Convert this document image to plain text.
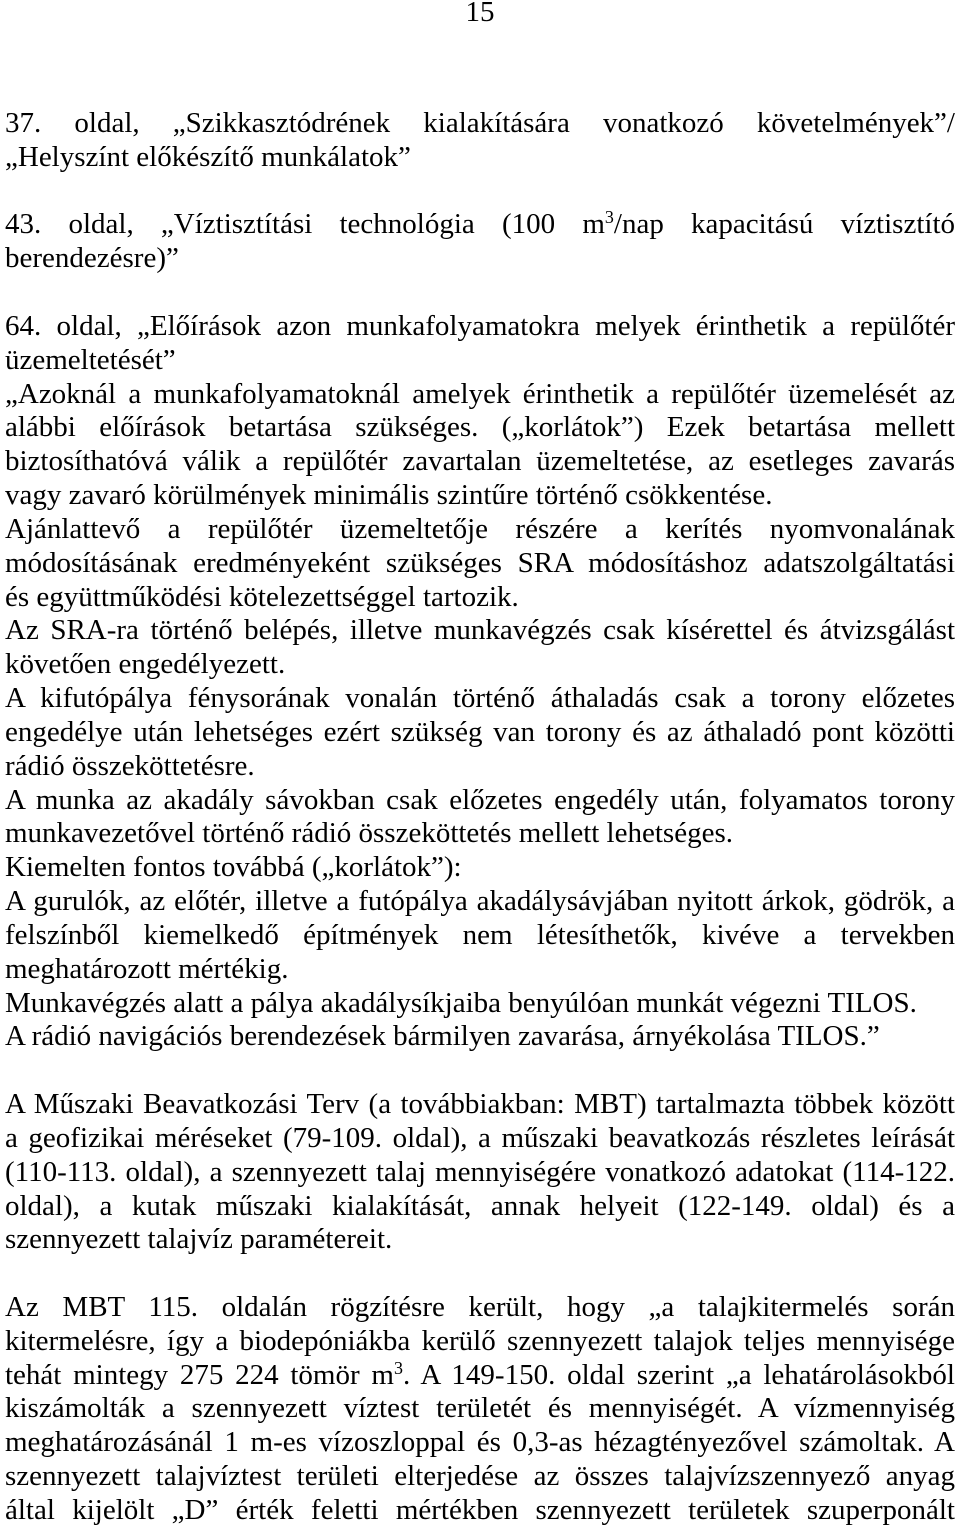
15
37. oldal, „Szikkasztódrének kialakítására vonatkozó követelmények”/
„Helyszínt előkészítő munkálatok”
43. oldal, „Víztisztítási technológia (100 $m^3$/nap kapacitású víztisztító
berendezésre)”
64. oldal, „Előírások azon munkafolyamatokra melyek érinthetik a repülőtér
üzemeltetését”
„Azoknál a munkafolyamatoknál amelyek érinthetik a repülőtér üzemelését az
alábbi előírások betartása szükséges. („korlátok”) Ezek betartása mellett
biztosíthatóvá válik a repülőtér zavartalan üzemeltetése, az esetleges zavarás
vagy zavaró körülmények minimális szintűre történő csökkentése.
Ajánlattevő a repülőtér üzemeltetője részére a kerítés nyomvonalának
módosításának eredményeként szükséges SRA módosításhoz adatszolgáltatási
és együttműködési kötelezettséggel tartozik.
Az SRA-ra történő belépés, illetve munkavégzés csak kísérettel és átvizsgálást
követően engedélyezett.
A kifutópálya fénysorának vonalán történő áthaladás csak a torony előzetes
engedélye után lehetséges ezért szükség van torony és az áthaladó pont közötti
rádió összeköttetésre.
A munka az akadály sávokban csak előzetes engedély után, folyamatos torony
munkavezetővel történő rádió összeköttetés mellett lehetséges.
Kiemelten fontos továbbá („korlátok”):
A gurulók, az előtér, illetve a futópálya akadálysávjában nyitott árkok, gödrök, a
felszínből kiemelkedő építmények nem létesíthetők, kivéve a tervekben
meghatározott mértékig.
Munkavégzés alatt a pálya akadálysíkjaiba benyúlóan munkát végezni TILOS.
A rádió navigációs berendezések bármilyen zavarása, árnyékolása TILOS.”
A Műszaki Beavatkozási Terv (a továbbiakban: MBT) tartalmazta többek között
a geofizikai méréseket (79-109. oldal), a műszaki beavatkozás részletes leírását
(110-113. oldal), a szennyezett talaj mennyiségére vonatkozó adatokat (114-122.
oldal), a kutak műszaki kialakítását, annak helyeit (122-149. oldal) és a
szennyezett talajvíz paramétereit.
Az MBT 115. oldalán rögzítésre került, hogy „a talajkitermelés során
kitermelésre, így a biodepóniákba kerülő szennyezett talajok teljes mennyisége
tehát mintegy 275 224 tömör $m^3$. A 149-150. oldal szerint „a lehatárolásokból
kiszámolták a szennyezett víztest területét és mennyiségét. A vízmennyiség
meghatározásánál 1 m-es vízoszloppal és 0,3-as hézagtényezővel számoltak. A
szennyezett talajvíztest területi elterjedése az összes talajvízszennyező anyag
által kijelölt „D” érték feletti mértékben szennyezett területek szuperponált
